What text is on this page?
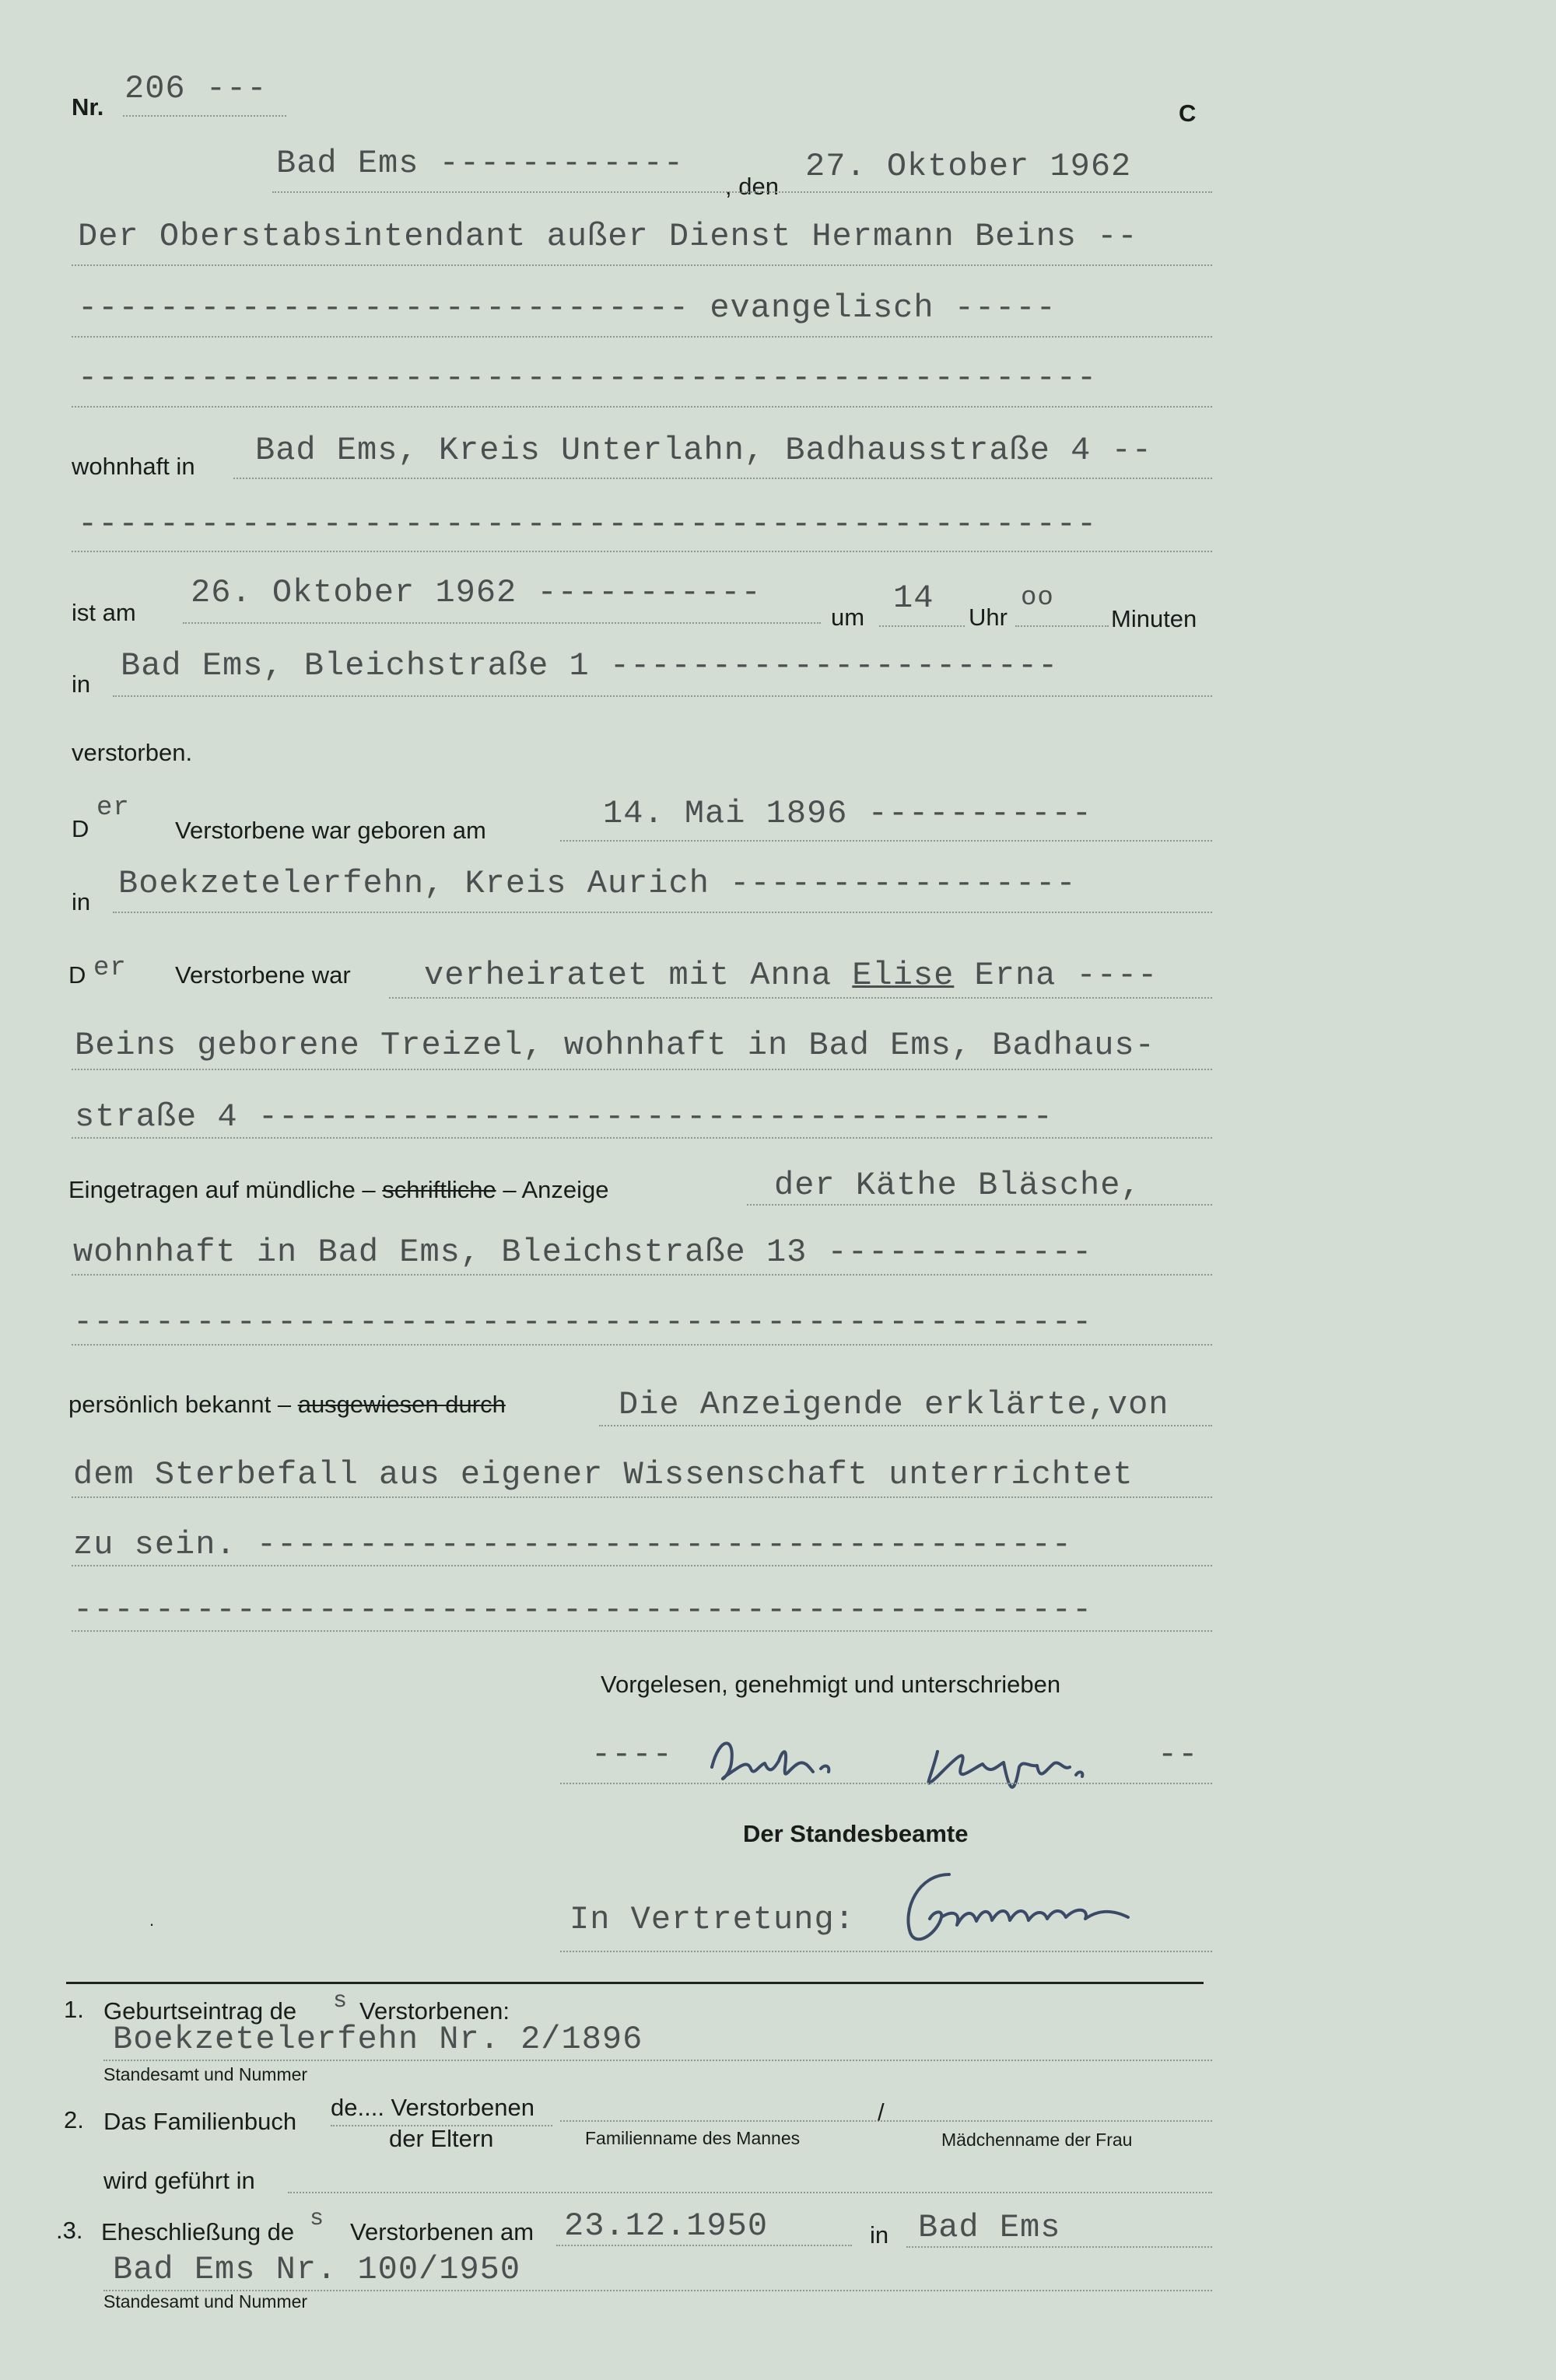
Nr. 206 ---
C
Bad Ems ------------
, den
27. Oktober 1962
Der Oberstabsintendant außer Dienst Hermann Beins --
------------------------------ evangelisch -----
--------------------------------------------------
wohnhaft in Bad Ems, Kreis Unterlahn, Badhausstraße 4 --
--------------------------------------------------
ist am
26. Oktober 1962 -----------
um
14
Uhr
oo
Minuten
in Bad Ems, Bleichstraße 1 ----------------------
verstorben.
D
er
Verstorbene war geboren am	14. Mai 1896 -----------
in Boekzetelerfehn, Kreis Aurich -----------------
D er Verstorbene war verheiratet mit Anna Elise Erna ----
Beins geborene Treizel, wohnhaft in Bad Ems, Badhaus-
straße 4 ---------------------------------------
Eingetragen auf mündliche – schriftliche – Anzeige	der Käthe Bläsche,
wohnhaft in Bad Ems, Bleichstraße 13 -------------
--------------------------------------------------
persönlich bekannt – ausgewiesen durch	Die Anzeigende erklärte,von
dem Sterbefall aus eigener Wissenschaft unterrichtet
zu sein. ----------------------------------------
--------------------------------------------------
Vorgelesen, genehmigt und unterschrieben
----	--
Der Standesbeamte
In Vertretung:
.
1. Geburtseintrag de s Verstorbenen:
Boekzetelerfehn Nr. 2/1896
Standesamt und Nummer
2. Das Familienbuch
de.... Verstorbenen
der Eltern	Familienname des Mannes
/
Mädchenname der Frau
wird geführt in
.3. Eheschließung de s Verstorbenen am 23.12.1950	in Bad Ems
Bad Ems Nr. 100/1950
Standesamt und Nummer
